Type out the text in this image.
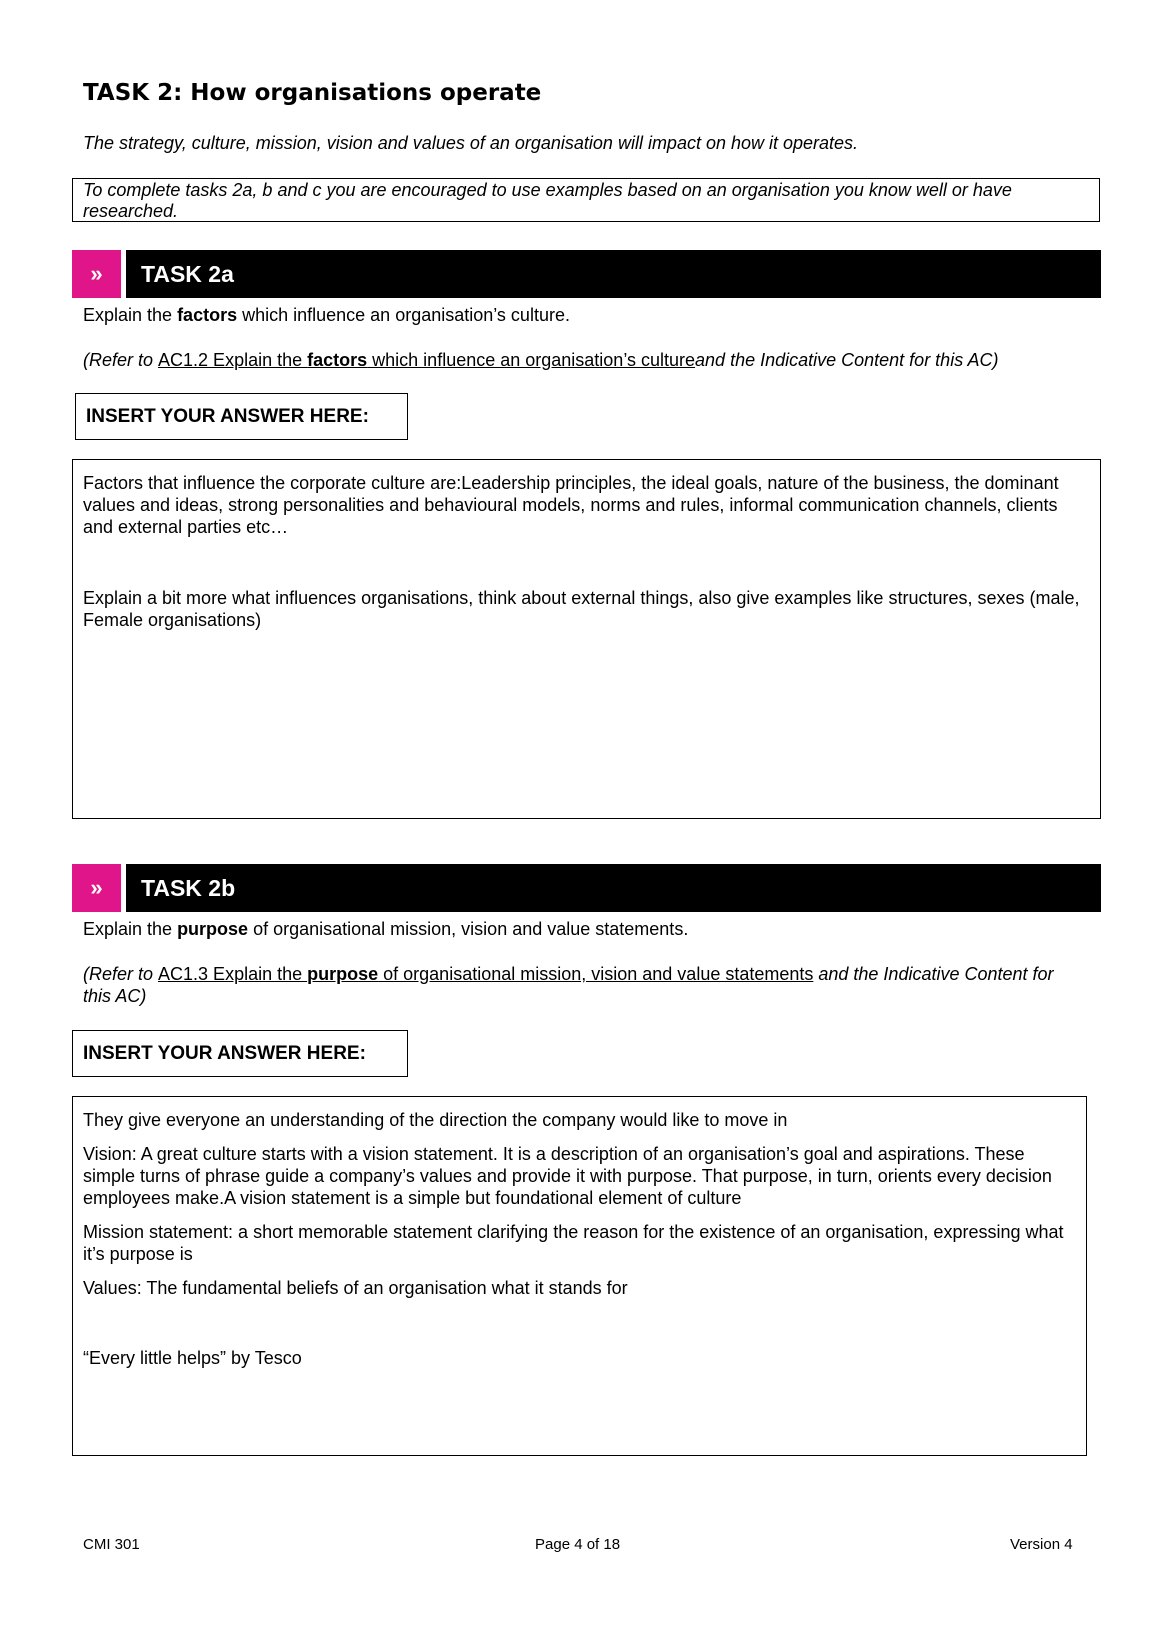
TASK 2: How organisations operate
The strategy, culture, mission, vision and values of an organisation will impact on how it operates.
To complete tasks 2a, b and c you are encouraged to use examples based on an organisation you know well or have researched.
»	TASK 2a
Explain the factors which influence an organisation’s culture.
(Refer to AC1.2 Explain the factors which influence an organisation’s cultureand the Indicative Content for this AC)
INSERT YOUR ANSWER HERE:

Factors that influence the corporate culture are:Leadership principles, the ideal goals, nature of the business, the dominant values and ideas, strong personalities and behavioural models, norms and rules, informal communication channels, clients and external parties etc…

Explain a bit more what influences organisations, think about external things, also give examples like structures, sexes (male, Female organisations)

»	TASK 2b
Explain the purpose of organisational mission, vision and value statements.
(Refer to AC1.3 Explain the purpose of organisational mission, vision and value statements and the Indicative Content for this AC)
INSERT YOUR ANSWER HERE:

They give everyone an understanding of the direction the company would like to move in

Vision: A great culture starts with a vision statement. It is a description of an organisation’s goal and aspirations. These simple turns of phrase guide a company’s values and provide it with purpose. That purpose, in turn, orients every decision employees make.A vision statement is a simple but foundational element of culture

Mission statement: a short memorable statement clarifying the reason for the existence of an organisation, expressing what it’s purpose is

Values: The fundamental beliefs of an organisation what it stands for

“Every little helps” by Tesco

CMI 301	Page 4 of 18	Version 4
